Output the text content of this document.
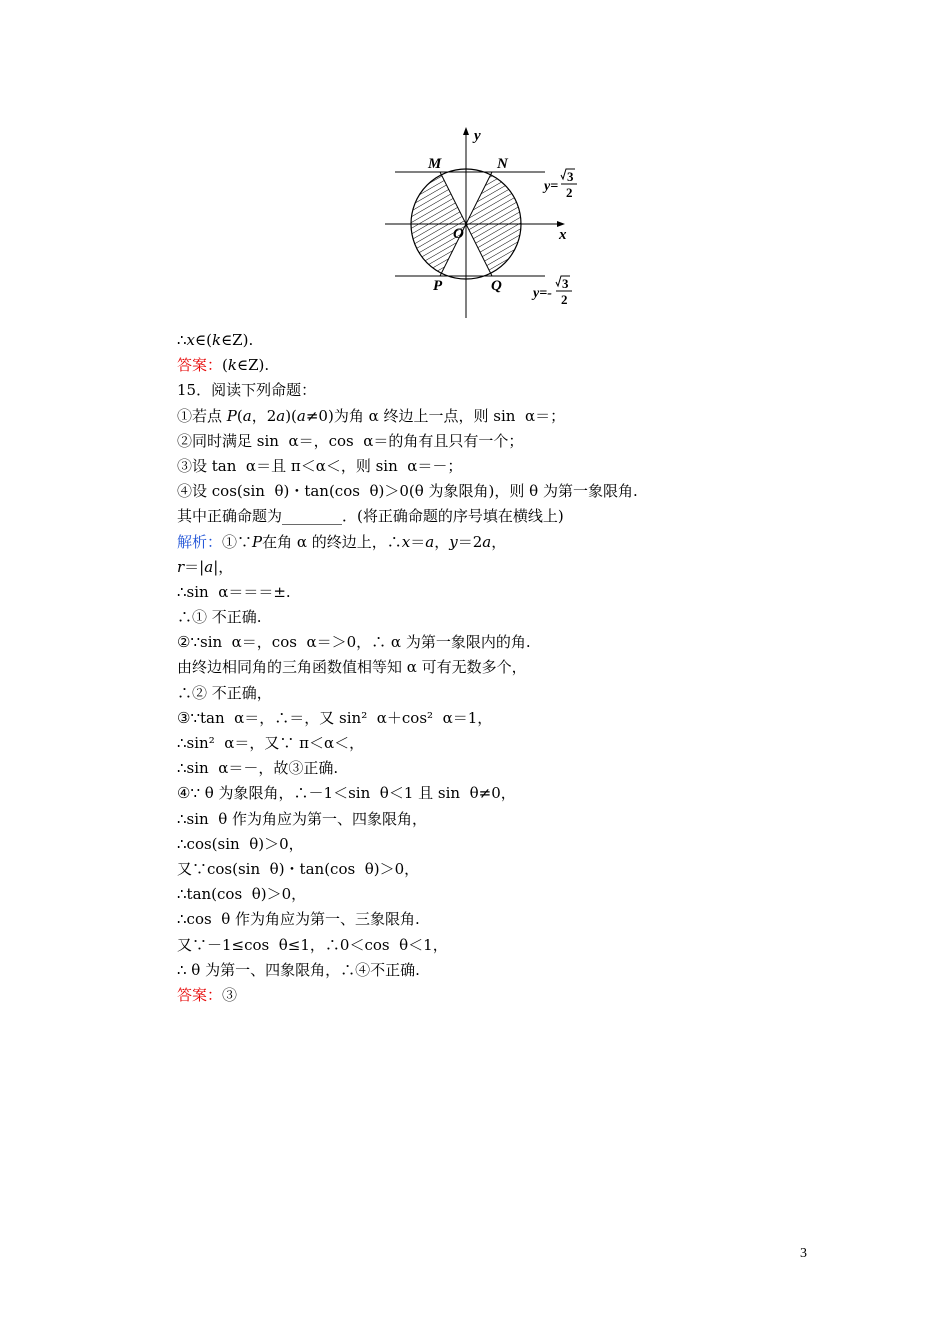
y
x
O
M	N
P	Q
y=
3
2
y=-
3
2
∴x∈(k∈Z).
答案：(k∈Z).
15．阅读下列命题：
①若点 P(a，2a)(a≠0)为角 α 终边上一点，则 sin  α＝；
②同时满足 sin  α＝，cos  α＝的角有且只有一个；
③设 tan  α＝且 π＜α＜，则 sin  α＝－；
④设 cos(sin  θ)・tan(cos  θ)＞0(θ 为象限角)，则 θ 为第一象限角.
其中正确命题为________．(将正确命题的序号填在横线上)
解析：①∵P在角 α 的终边上，∴x＝a，y＝2a，
r＝|a|，
∴sin  α＝＝＝±.
∴① 不正确.
②∵sin  α＝，cos  α＝＞0，∴ α 为第一象限内的角.
由终边相同角的三角函数值相等知 α 可有无数多个，
∴② 不正确，
③∵tan  α＝，∴＝，又 sin²  α＋cos²  α＝1，
∴sin²  α＝，又∵ π＜α＜，
∴sin  α＝－，故③正确.
④∵ θ 为象限角，∴－1＜sin  θ＜1 且 sin  θ≠0，
∴sin  θ 作为角应为第一、四象限角，
∴cos(sin  θ)＞0，
又∵cos(sin  θ)・tan(cos  θ)＞0，
∴tan(cos  θ)＞0，
∴cos  θ 作为角应为第一、三象限角.
又∵－1≤cos  θ≤1，∴0＜cos  θ＜1，
∴ θ 为第一、四象限角，∴④不正确.
答案：③
3
